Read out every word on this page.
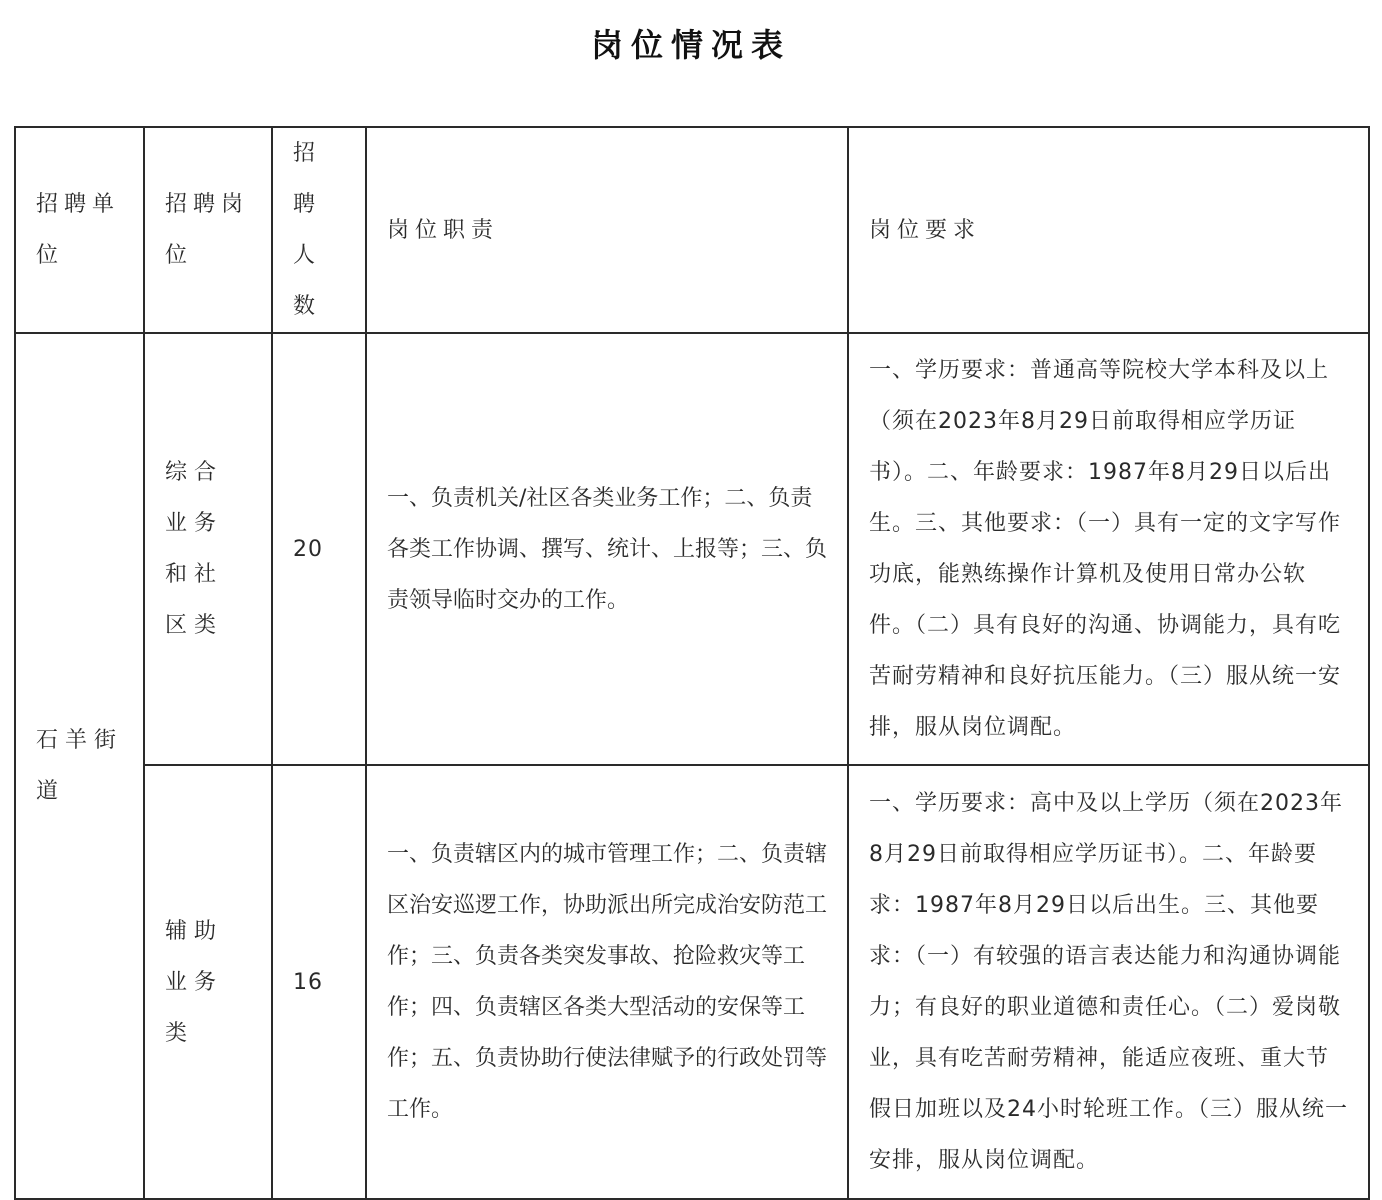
岗位情况表
招聘单位	招聘岗位	招聘人数	岗位职责	岗位要求
石羊街道	综合业务和社区类	20	一、负责机关/社区各类业务工作；二、负责各类工作协调、撰写、统计、上报等；三、负责领导临时交办的工作。	一、学历要求：普通高等院校大学本科及以上（须在2023年8月29日前取得相应学历证书）。二、年龄要求：1987年8月29日以后出生。三、其他要求：（一）具有一定的文字写作功底，能熟练操作计算机及使用日常办公软件。（二）具有良好的沟通、协调能力，具有吃苦耐劳精神和良好抗压能力。（三）服从统一安排，服从岗位调配。
	辅助业务类	16	一、负责辖区内的城市管理工作；二、负责辖区治安巡逻工作，协助派出所完成治安防范工作；三、负责各类突发事故、抢险救灾等工作；四、负责辖区各类大型活动的安保等工作；五、负责协助行使法律赋予的行政处罚等工作。	一、学历要求：高中及以上学历（须在2023年8月29日前取得相应学历证书）。二、年龄要求：1987年8月29日以后出生。三、其他要求：（一）有较强的语言表达能力和沟通协调能力；有良好的职业道德和责任心。（二）爱岗敬业，具有吃苦耐劳精神，能适应夜班、重大节假日加班以及24小时轮班工作。（三）服从统一安排，服从岗位调配。
